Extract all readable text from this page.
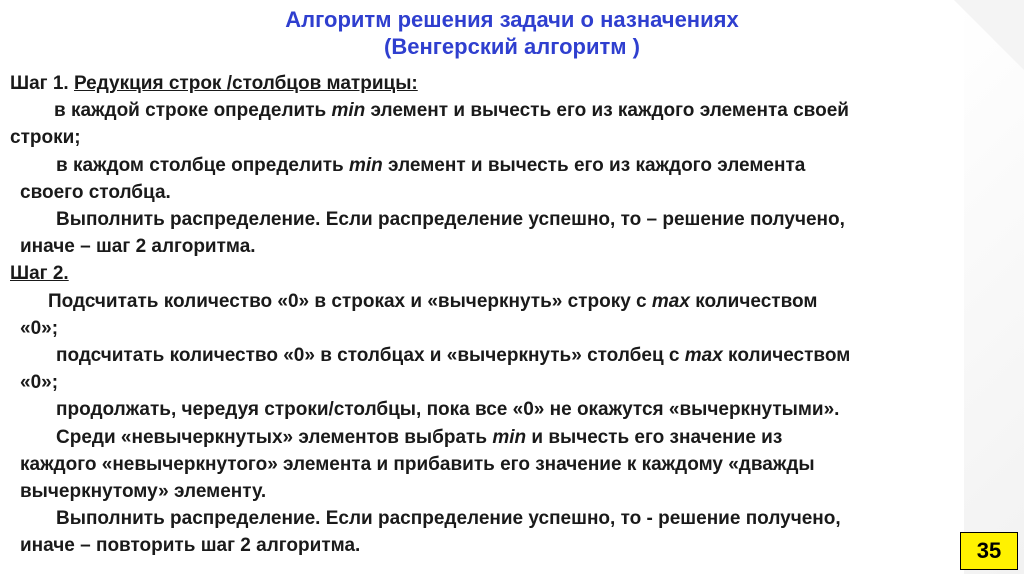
Алгоритм решения задачи о назначениях
(Венгерский алгоритм )
Шаг 1. Редукция строк /столбцов матрицы:
в каждой строке определить min элемент и вычесть его из каждого элемента своей
строки;
в каждом столбце определить min элемент и вычесть его из каждого элемента
своего столбца.
Выполнить распределение. Если распределение успешно, то – решение получено,
иначе – шаг 2 алгоритма.
Шаг 2.
Подсчитать количество «0» в строках и «вычеркнуть» строку с max количеством
«0»;
подсчитать количество «0» в столбцах и «вычеркнуть» столбец с max количеством
«0»;
продолжать, чередуя строки/столбцы, пока все «0» не окажутся «вычеркнутыми».
Среди «невычеркнутых» элементов выбрать min и вычесть его значение из
каждого «невычеркнутого» элемента и прибавить его значение к каждому «дважды
вычеркнутому» элементу.
Выполнить распределение. Если распределение успешно, то - решение получено,
иначе – повторить шаг 2 алгоритма.	35
